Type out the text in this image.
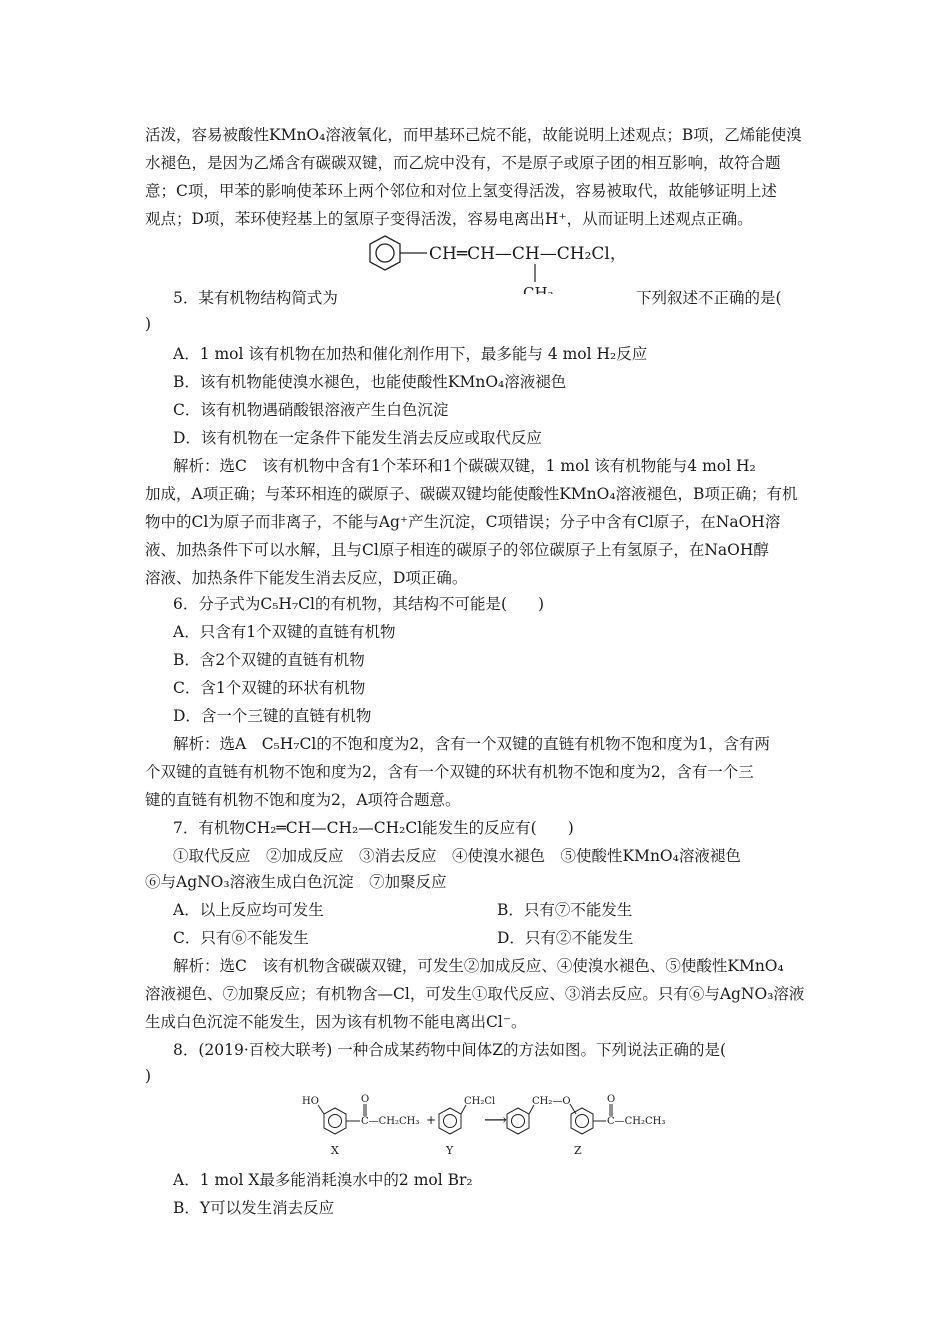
活泼，容易被酸性KMnO₄溶液氧化，而甲基环己烷不能，故能说明上述观点；B项，乙烯能使溴
水褪色，是因为乙烯含有碳碳双键，而乙烷中没有，不是原子或原子团的相互影响，故符合题
意；C项，甲苯的影响使苯环上两个邻位和对位上氢变得活泼，容易被取代，故能够证明上述
观点；D项，苯环使羟基上的氢原子变得活泼，容易电离出H⁺，从而证明上述观点正确。
CH═CH—CH—CH₂Cl，
CH₃
5．某有机物结构简式为	下列叙述不正确的是(
)
A．1 mol 该有机物在加热和催化剂作用下，最多能与 4 mol H₂反应
B．该有机物能使溴水褪色，也能使酸性KMnO₄溶液褪色
C．该有机物遇硝酸银溶液产生白色沉淀
D．该有机物在一定条件下能发生消去反应或取代反应
解析：选C　该有机物中含有1个苯环和1个碳碳双键，1 mol 该有机物能与4 mol H₂
加成，A项正确；与苯环相连的碳原子、碳碳双键均能使酸性KMnO₄溶液褪色，B项正确；有机
物中的Cl为原子而非离子，不能与Ag⁺产生沉淀，C项错误；分子中含有Cl原子，在NaOH溶
液、加热条件下可以水解，且与Cl原子相连的碳原子的邻位碳原子上有氢原子，在NaOH醇
溶液、加热条件下能发生消去反应，D项正确。
6．分子式为C₅H₇Cl的有机物，其结构不可能是(　　)
A．只含有1个双键的直链有机物
B．含2个双键的直链有机物
C．含1个双键的环状有机物
D．含一个三键的直链有机物
解析：选A　C₅H₇Cl的不饱和度为2，含有一个双键的直链有机物不饱和度为1，含有两
个双键的直链有机物不饱和度为2，含有一个双键的环状有机物不饱和度为2，含有一个三
键的直链有机物不饱和度为2，A项符合题意。
7．有机物CH₂═CH—CH₂—CH₂Cl能发生的反应有(　　)
①取代反应　②加成反应　③消去反应　④使溴水褪色　⑤使酸性KMnO₄溶液褪色
⑥与AgNO₃溶液生成白色沉淀　⑦加聚反应
A．以上反应均可发生	B．只有⑦不能发生
C．只有⑥不能发生	D．只有②不能发生
解析：选C　该有机物含碳碳双键，可发生②加成反应、④使溴水褪色、⑤使酸性KMnO₄
溶液褪色、⑦加聚反应；有机物含—Cl，可发生①取代反应、③消去反应。只有⑥与AgNO₃溶液
生成白色沉淀不能发生，因为该有机物不能电离出Cl⁻。
8．(2019·百校大联考) 一种合成某药物中间体Z的方法如图。下列说法正确的是(
)
HO	O
C—CH₂CH₃ +
X
CH₂Cl
Y
⟶
CH₂—O	O
C—CH₂CH₃
Z
A．1 mol X最多能消耗溴水中的2 mol Br₂
B．Y可以发生消去反应
